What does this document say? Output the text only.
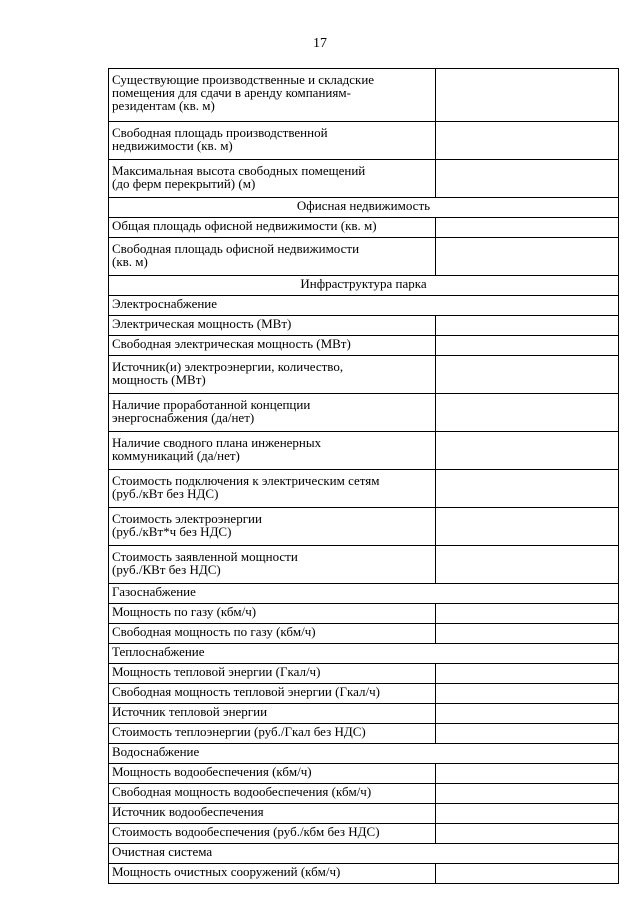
17
Существующие производственные и складские
помещения для сдачи в аренду компаниям-
резидентам (кв. м)	

Свободная площадь производственной
недвижимости (кв. м)	

Максимальная высота свободных помещений
(до ферм перекрытий) (м)	

Офисная недвижимость	

Общая площадь офисной недвижимости (кв. м)	

Свободная площадь офисной недвижимости
(кв. м)	

Инфраструктура парка	
Электроснабжение	

Электрическая мощность (МВт)	

Свободная электрическая мощность (МВт)	

Источник(и) электроэнергии, количество,
мощность (МВт)	

Наличие проработанной концепции
энергоснабжения (да/нет)	

Наличие сводного плана инженерных
коммуникаций (да/нет)	

Стоимость подключения к электрическим сетям
(руб./кВт без НДС)	

Стоимость электроэнергии
(руб./кВт*ч без НДС)	

Стоимость заявленной мощности
(руб./КВт без НДС)	

Газоснабжение	

Мощность по газу (кбм/ч)	

Свободная мощность по газу (кбм/ч)	

Теплоснабжение	

Мощность тепловой энергии (Гкал/ч)	

Свободная мощность тепловой энергии (Гкал/ч)	

Источник тепловой энергии	

Стоимость теплоэнергии (руб./Гкал без НДС)	

Водоснабжение	

Мощность водообеспечения (кбм/ч)	

Свободная мощность водообеспечения (кбм/ч)	

Источник водообеспечения	

Стоимость водообеспечения (руб./кбм без НДС)	

Очистная система	

Мощность очистных сооружений (кбм/ч)	
